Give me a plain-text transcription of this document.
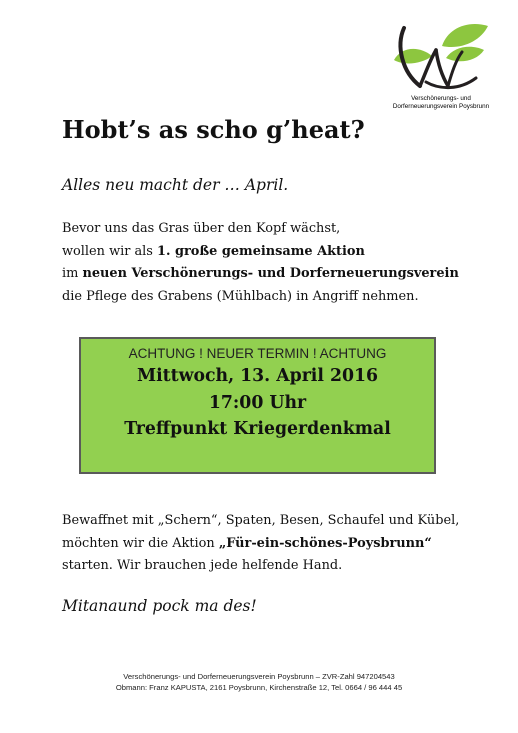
Verschönerungs- und
Dorferneuerungsverein Poysbrunn
Hobt’s as scho g’heat?

Alles neu macht der … April.

Bevor uns das Gras über den Kopf wächst,
wollen wir als 1. große gemeinsame Aktion
im neuen Verschönerungs- und Dorferneuerungsverein
die Pflege des Grabens (Mühlbach) in Angriff nehmen.
ACHTUNG ! NEUER TERMIN ! ACHTUNG
Mittwoch, 13. April 2016
17:00 Uhr
Treffpunkt Kriegerdenkmal
Bewaffnet mit „Schern“, Spaten, Besen, Schaufel und Kübel,
möchten wir die Aktion „Für-ein-schönes-Poysbrunn“
starten. Wir brauchen jede helfende Hand.

Mitanaund pock ma des!

Verschönerungs- und Dorferneuerungsverein Poysbrunn – ZVR-Zahl 947204543
Obmann: Franz KAPUSTA, 2161 Poysbrunn, Kirchenstraße 12, Tel. 0664 / 96 444 45
